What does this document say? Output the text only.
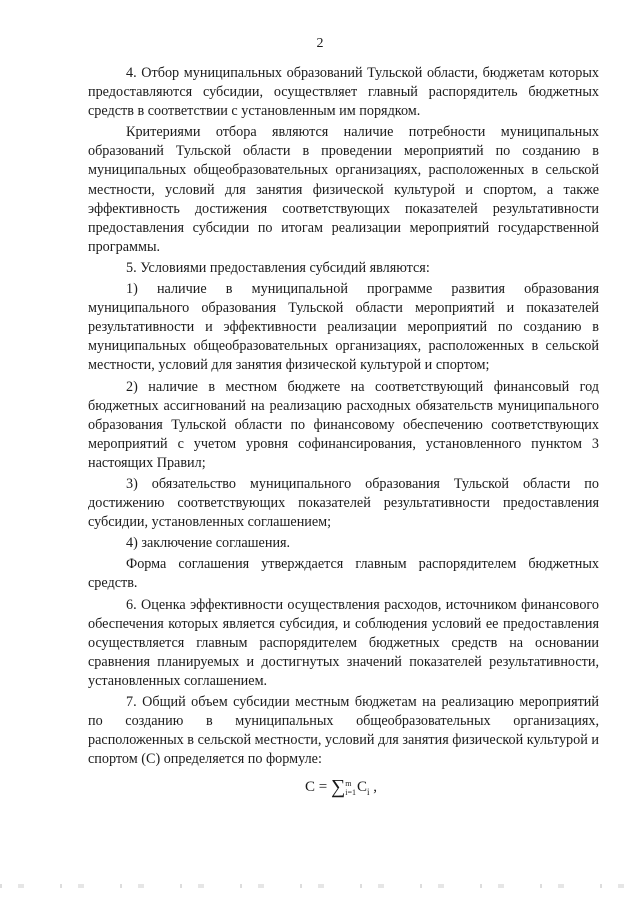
2

4. Отбор муниципальных образований Тульской области, бюджетам которых предоставляются субсидии, осуществляет главный распорядитель бюджетных средств в соответствии с установленным им порядком.

Критериями отбора являются наличие потребности муниципальных образований Тульской области в проведении мероприятий по созданию в муниципальных общеобразовательных организациях, расположенных в сельской местности, условий для занятия физической культурой и спортом, а также эффективность достижения соответствующих показателей результативности предоставления субсидии по итогам реализации мероприятий государственной программы.

5. Условиями предоставления субсидий являются:

1) наличие в муниципальной программе развития образования муниципального образования Тульской области мероприятий и показателей результативности и эффективности реализации мероприятий по созданию в муниципальных общеобразовательных организациях, расположенных в сельской местности, условий для занятия физической культурой и спортом;

2) наличие в местном бюджете на соответствующий финансовый год бюджетных ассигнований на реализацию расходных обязательств муниципального образования Тульской области по финансовому обеспечению соответствующих мероприятий с учетом уровня софинансирования, установленного пунктом 3 настоящих Правил;

3) обязательство муниципального образования Тульской области по достижению соответствующих показателей результативности предоставления субсидии, установленных соглашением;

4) заключение соглашения.

Форма соглашения утверждается главным распорядителем бюджетных средств.

6. Оценка эффективности осуществления расходов, источником финансового обеспечения которых является субсидия, и соблюдения условий ее предоставления осуществляется главным распорядителем бюджетных средств на основании сравнения планируемых и достигнутых значений показателей результативности, установленных соглашением.

7. Общий объем субсидии местным бюджетам на реализацию мероприятий по созданию в муниципальных общеобразовательных организациях, расположенных в сельской местности, условий для занятия физической культурой и спортом (С) определяется по формуле:

C = ∑m
$i=1C_i$ ,
